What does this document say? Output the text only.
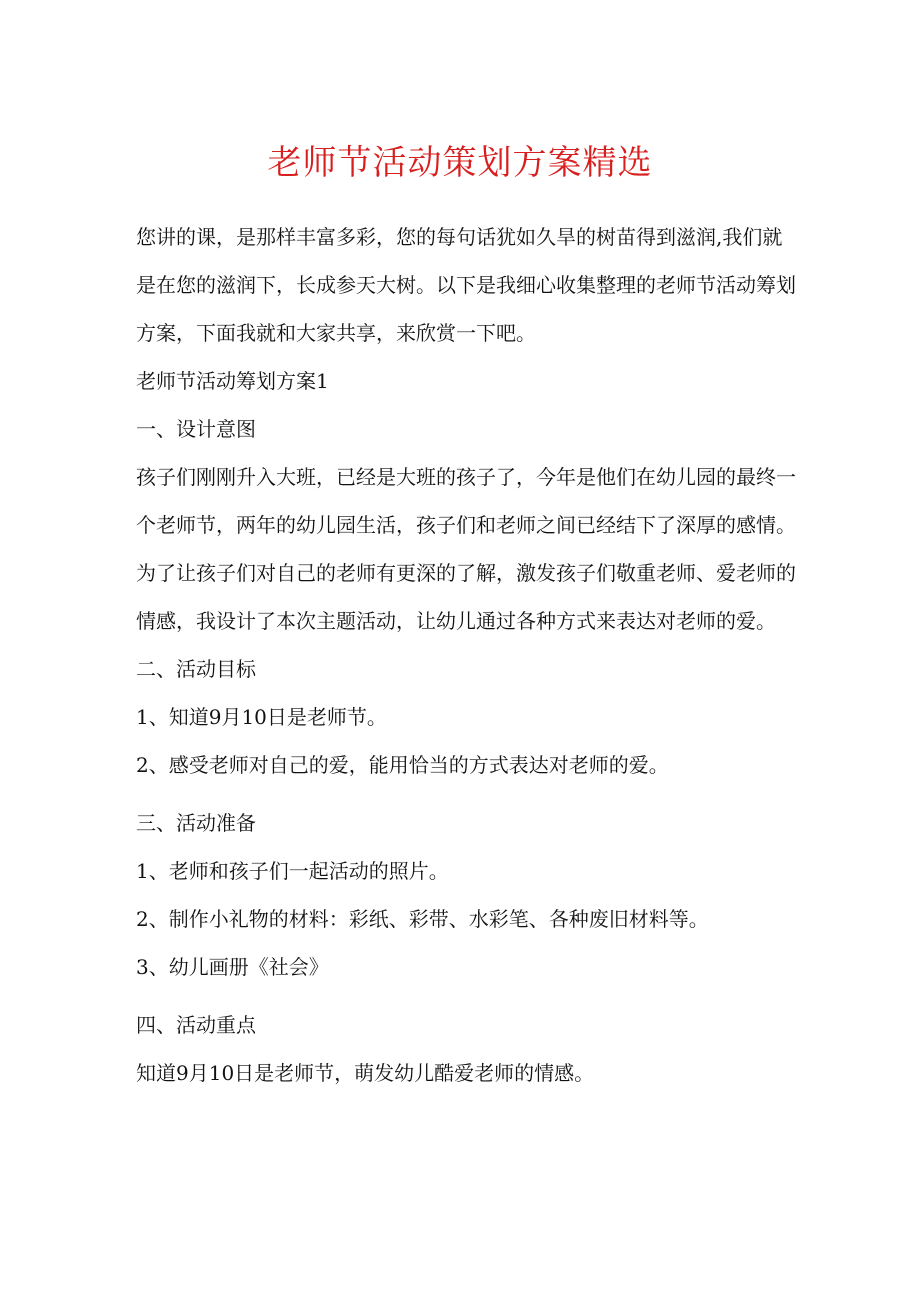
老师节活动策划方案精选

您讲的课，是那样丰富多彩，您的每句话犹如久旱的树苗得到滋润,我们就是在您的滋润下，长成参天大树。以下是我细心收集整理的老师节活动筹划方案，下面我就和大家共享，来欣赏一下吧。

老师节活动筹划方案1

一、设计意图

孩子们刚刚升入大班，已经是大班的孩子了，今年是他们在幼儿园的最终一个老师节，两年的幼儿园生活，孩子们和老师之间已经结下了深厚的感情。为了让孩子们对自己的老师有更深的了解，激发孩子们敬重老师、爱老师的情感，我设计了本次主题活动，让幼儿通过各种方式来表达对老师的爱。

二、活动目标

1、知道9月10日是老师节。

2、感受老师对自己的爱，能用恰当的方式表达对老师的爱。

三、活动准备

1、老师和孩子们一起活动的照片。

2、制作小礼物的材料：彩纸、彩带、水彩笔、各种废旧材料等。

3、幼儿画册《社会》

四、活动重点

知道9月10日是老师节，萌发幼儿酷爱老师的情感。
